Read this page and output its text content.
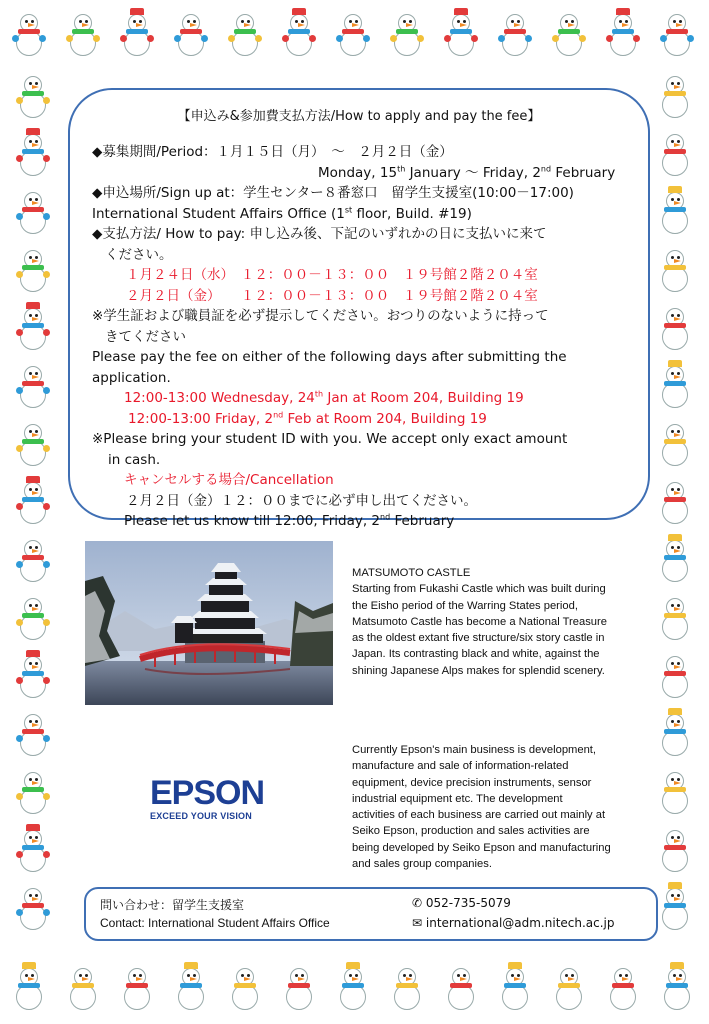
【申込み&参加費支払方法/How to apply and pay the fee】
◆募集期間/Period：１月１５日（月）　～　２月２日（金）
Monday, 15th January ～ Friday, 2nd February
◆申込場所/Sign up at：学生センター８番窓口　留学生支援室(10:00－17:00)
International Student Affairs Office (1st floor, Build. #19)
◆支払方法/ How to pay: 申し込み後、下記のいずれかの日に支払いに来て
ください。
１月２４日（水）　１２：００－１３：００　１９号館２階２０４室
２月２日（金）　　１２：００－１３：００　１９号館２階２０４室
※学生証および職員証を必ず提示してください。おつりのないように持って
きてください
Please pay the fee on either of the following days after submitting the
application.
12:00-13:00 Wednesday, 24th Jan at Room 204, Building 19
12:00-13:00 Friday, 2nd Feb at Room 204, Building 19
※Please bring your student ID with you. We accept only exact amount
in cash.
キャンセルする場合/Cancellation
２月２日（金）１２：００までに必ず申し出てください。
Please let us know till 12:00, Friday, 2nd February
MATSUMOTO CASTLE
Starting from Fukashi Castle which was built during
the Eisho period of the Warring States period,
Matsumoto Castle has become a National Treasure
as the oldest extant five structure/six story castle in
Japan. Its contrasting black and white, against the
shining Japanese Alps makes for splendid scenery.
EPSON
EXCEED YOUR VISION
Currently Epson's main business is development,
manufacture and sale of information-related
equipment, device precision instruments, sensor
industrial equipment etc. The development
activities of each business are carried out mainly at
Seiko Epson, production and sales activities are
being developed by Seiko Epson and manufacturing
and sales group companies.
問い合わせ：留学生支援室
Contact: International Student Affairs Office
✆ 052-735-5079
✉ international@adm.nitech.ac.jp
